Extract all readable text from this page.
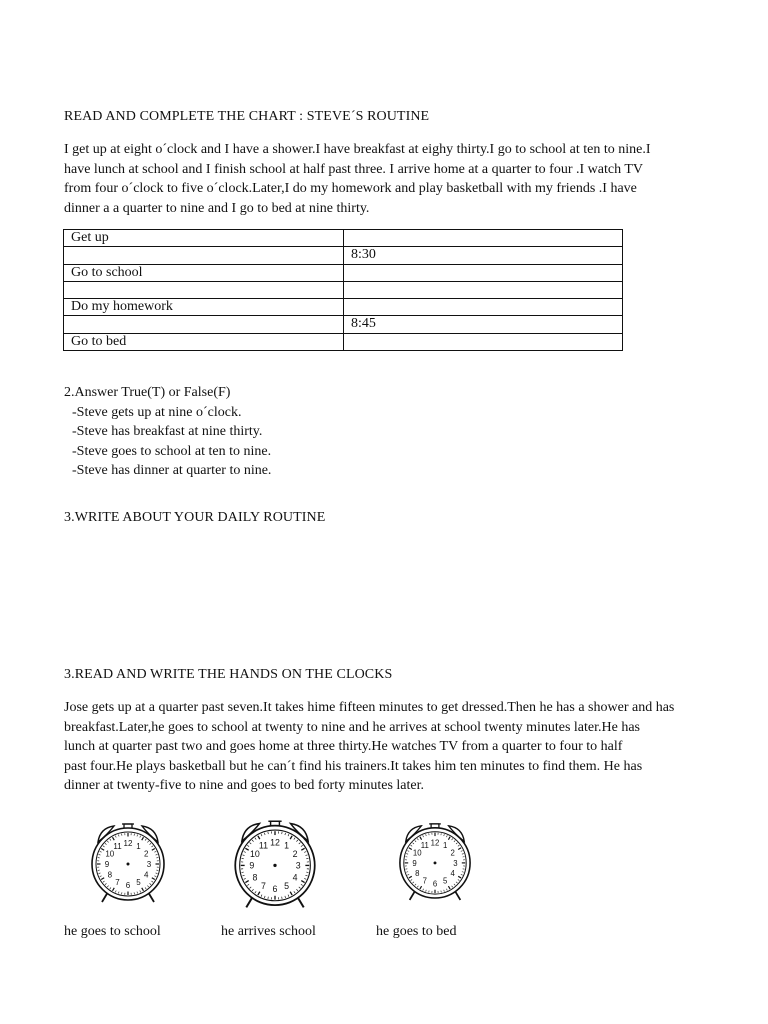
READ AND COMPLETE THE CHART : STEVE´S ROUTINE
I get up at eight o´clock and I have a shower.I have breakfast at eighy thirty.I go to school at ten to nine.I
have lunch at school and I finish school at half past three. I arrive home at a quarter to four .I watch TV
from four o´clock to five o´clock.Later,I do my homework and play basketball with my friends .I have
dinner a a quarter to nine and I go to bed at nine thirty.
Get up	
	8:30
Go to school	

Do my homework	
	8:45
Go to bed	
2.Answer True(T) or False(F)
-Steve gets up at nine o´clock.
-Steve has breakfast at nine thirty.
-Steve goes to school at ten to nine.
-Steve has dinner at quarter to nine.
3.WRITE ABOUT YOUR DAILY ROUTINE
3.READ AND WRITE THE HANDS ON THE CLOCKS
Jose gets up at a quarter past seven.It takes hime fifteen minutes to get dressed.Then he has a shower and has
breakfast.Later,he goes to school at twenty to nine and he arrives at school twenty minutes later.He has
lunch at quarter past two and goes home at three thirty.He watches TV from a quarter to four to half
past four.He plays basketball but he can´t find his trainers.It takes him ten minutes to find them. He has
dinner at twenty-five to nine and goes to bed forty minutes later.
12 1
2
3
4
5
6
7
8
9
10
11	12 1
2
3
4
5
6
7
8
9
10
11	12 1
2
3
4
5
6
7
8
9
10
11
he goes to school	he arrives school	he goes to bed
